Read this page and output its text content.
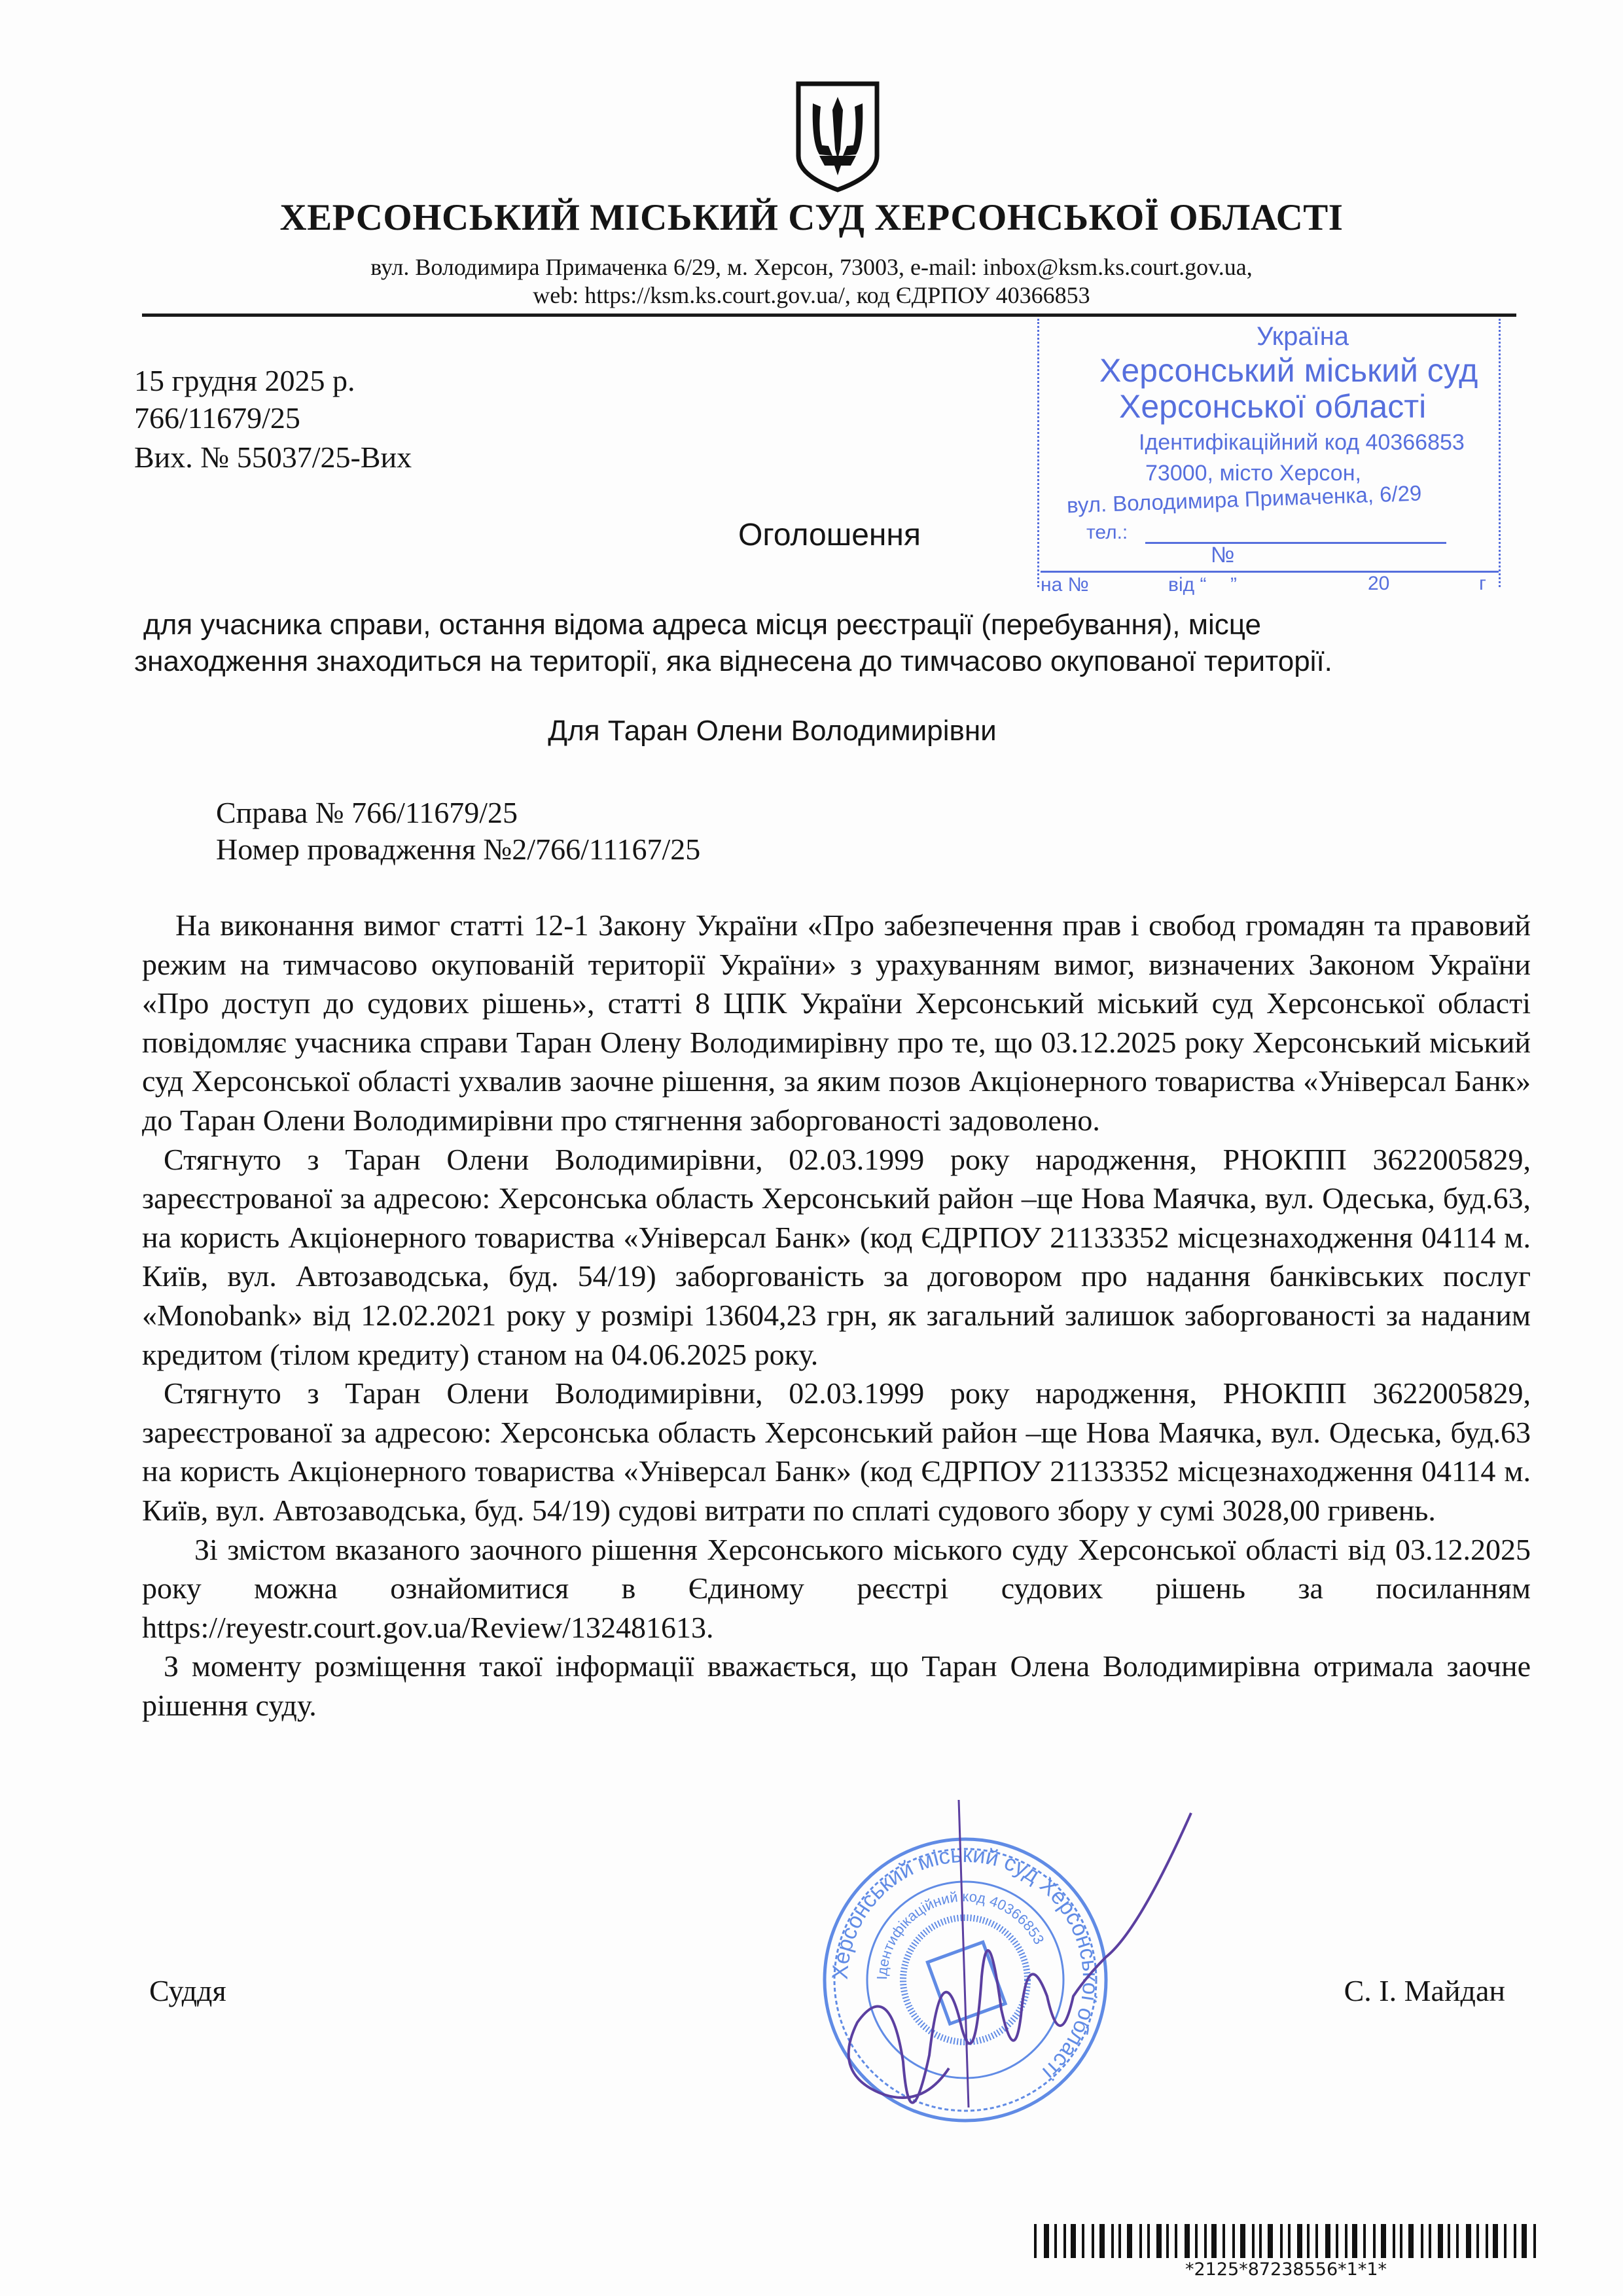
ХЕРСОНСЬКИЙ МІСЬКИЙ СУД ХЕРСОНСЬКОЇ ОБЛАСТІ
вул. Володимира Примаченка 6/29, м. Херсон, 73003, e-mail: inbox@ksm.ks.court.gov.ua,
web: https://ksm.ks.court.gov.ua/, код ЄДРПОУ 40366853
Україна
Херсонський міський суд
Херсонської області
Ідентифікаційний код 40366853
73000, місто Херсон,
вул. Володимира Примаченка, 6/29
тел.:
№
на №	від “ ”	20	г
15 грудня 2025 р.
766/11679/25
Вих. № 55037/25-Вих
Оголошення
для учасника справи, остання відома адреса місця реєстрації (перебування), місце
знаходження знаходиться на території, яка віднесена до тимчасово окупованої території.
Для Таран Олени Володимирівни
Справа № 766/11679/25
Номер провадження №2/766/11167/25

На виконання вимог статті 12-1 Закону України «Про забезпечення прав і свобод громадян та правовий режим на тимчасово окупованій території України» з урахуванням вимог, визначених Законом України «Про доступ до судових рішень», статті 8 ЦПК України Херсонський міський суд Херсонської області повідомляє учасника справи Таран Олену Володимирівну про те, що 03.12.2025 року Херсонський міський суд Херсонської області ухвалив заочне рішення, за яким позов Акціонерного товариства «Універсал Банк» до Таран Олени Володимирівни про стягнення заборгованості задоволено.

Стягнуто з Таран Олени Володимирівни, 02.03.1999 року народження, РНОКПП 3622005829, зареєстрованої за адресою: Херсонська область Херсонський район –ще Нова Маячка, вул. Одеська, буд.63, на користь Акціонерного товариства «Універсал Банк» (код ЄДРПОУ 21133352 місцезнаходження 04114 м. Київ, вул. Автозаводська, буд. 54/19) заборгованість за договором про надання банківських послуг «Monobank» від 12.02.2021 року у розмірі 13604,23 грн, як загальний залишок заборгованості за наданим кредитом (тілом кредиту) станом на 04.06.2025 року.

Стягнуто з Таран Олени Володимирівни, 02.03.1999 року народження, РНОКПП 3622005829, зареєстрованої за адресою: Херсонська область Херсонський район –ще Нова Маячка, вул. Одеська, буд.63 на користь Акціонерного товариства «Універсал Банк» (код ЄДРПОУ 21133352 місцезнаходження 04114 м. Київ, вул. Автозаводська, буд. 54/19) судові витрати по сплаті судового збору у сумі 3028,00 гривень.

Зі змістом вказаного заочного рішення Херсонського міського суду Херсонської області від 03.12.2025 року можна ознайомитися в Єдиному реєстрі судових рішень за посиланням https://reyestr.court.gov.ua/Review/132481613.

З моменту розміщення такої інформації вважається, що Таран Олена Володимирівна отримала заочне рішення суду.

Херсонський міський суд Херсонської області
Ідентифікаційний код 40366853
Суддя	С. І. Майдан
*2125*87238556*1*1*
